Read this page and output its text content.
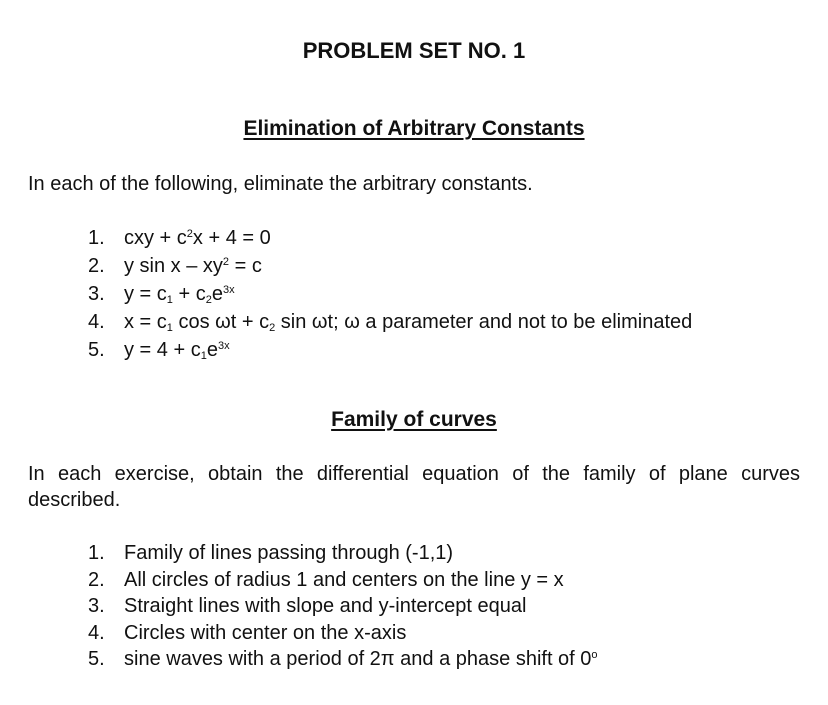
PROBLEM SET NO. 1
Elimination of Arbitrary Constants
In each of the following, eliminate the arbitrary constants.
1. cxy + $c^2x + 4 = 0$
2. y $\sin x - xy^2 = c$
3. $y = c_1 + c_2e^{3x}$
4. $x = c_1$ $\cos \omega t + c_2$ sin ωt; ω a parameter and not to be eliminated
5. $y = 4 + c_1e^{3x}$
Family of curves
In each exercise, obtain the differential equation of the family of plane curves described.
1. Family of lines passing through (-1,1)
2. All circles of radius 1 and centers on the line y = x
3. Straight lines with slope and y-intercept equal
4. Circles with center on the x-axis
5. sine waves with a period of 2π and a phase shift of 0$^o$
